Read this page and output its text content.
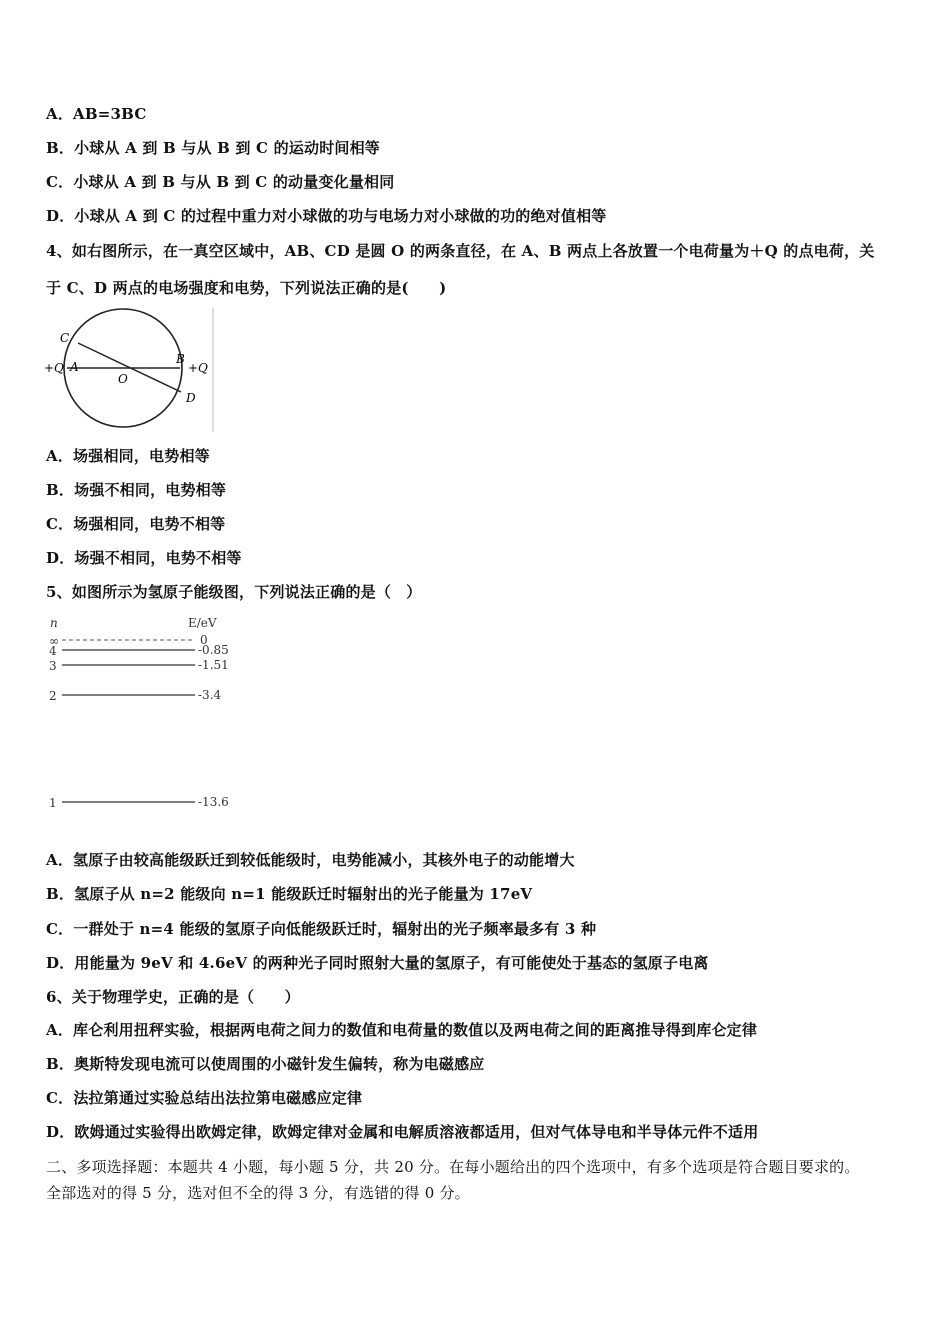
A．AB=3BC
B．小球从 A 到 B 与从 B 到 C 的运动时间相等
C．小球从 A 到 B 与从 B 到 C 的动量变化量相同
D．小球从 A 到 C 的过程中重力对小球做的功与电场力对小球做的功的绝对值相等
4、如右图所示，在一真空区域中，AB、CD 是圆 O 的两条直径，在 A、B 两点上各放置一个电荷量为＋Q 的点电荷，关
于 C、D 两点的电场强度和电势，下列说法正确的是(　　)
C
B
A
O
D
+Q	+Q
A．场强相同，电势相等
B．场强不相同，电势相等
C．场强相同，电势不相等
D．场强不相同，电势不相等
5、如图所示为氢原子能级图，下列说法正确的是（　）
n	E/eV
∞	0
4	-0.85
3	-1.51
2	-3.4
1	-13.6
A．氢原子由较高能级跃迁到较低能级时，电势能减小，其核外电子的动能增大
B．氢原子从 n=2 能级向 n=1 能级跃迁时辐射出的光子能量为 17eV
C．一群处于 n=4 能级的氢原子向低能级跃迁时，辐射出的光子频率最多有 3 种
D．用能量为 9eV 和 4.6eV 的两种光子同时照射大量的氢原子，有可能使处于基态的氢原子电离
6、关于物理学史，正确的是（　　）
A．库仑利用扭秤实验，根据两电荷之间力的数值和电荷量的数值以及两电荷之间的距离推导得到库仑定律
B．奥斯特发现电流可以使周围的小磁针发生偏转，称为电磁感应
C．法拉第通过实验总结出法拉第电磁感应定律
D．欧姆通过实验得出欧姆定律，欧姆定律对金属和电解质溶液都适用，但对气体导电和半导体元件不适用
二、多项选择题：本题共 4 小题，每小题 5 分，共 20 分。在每小题给出的四个选项中，有多个选项是符合题目要求的。
全部选对的得 5 分，选对但不全的得 3 分，有选错的得 0 分。
